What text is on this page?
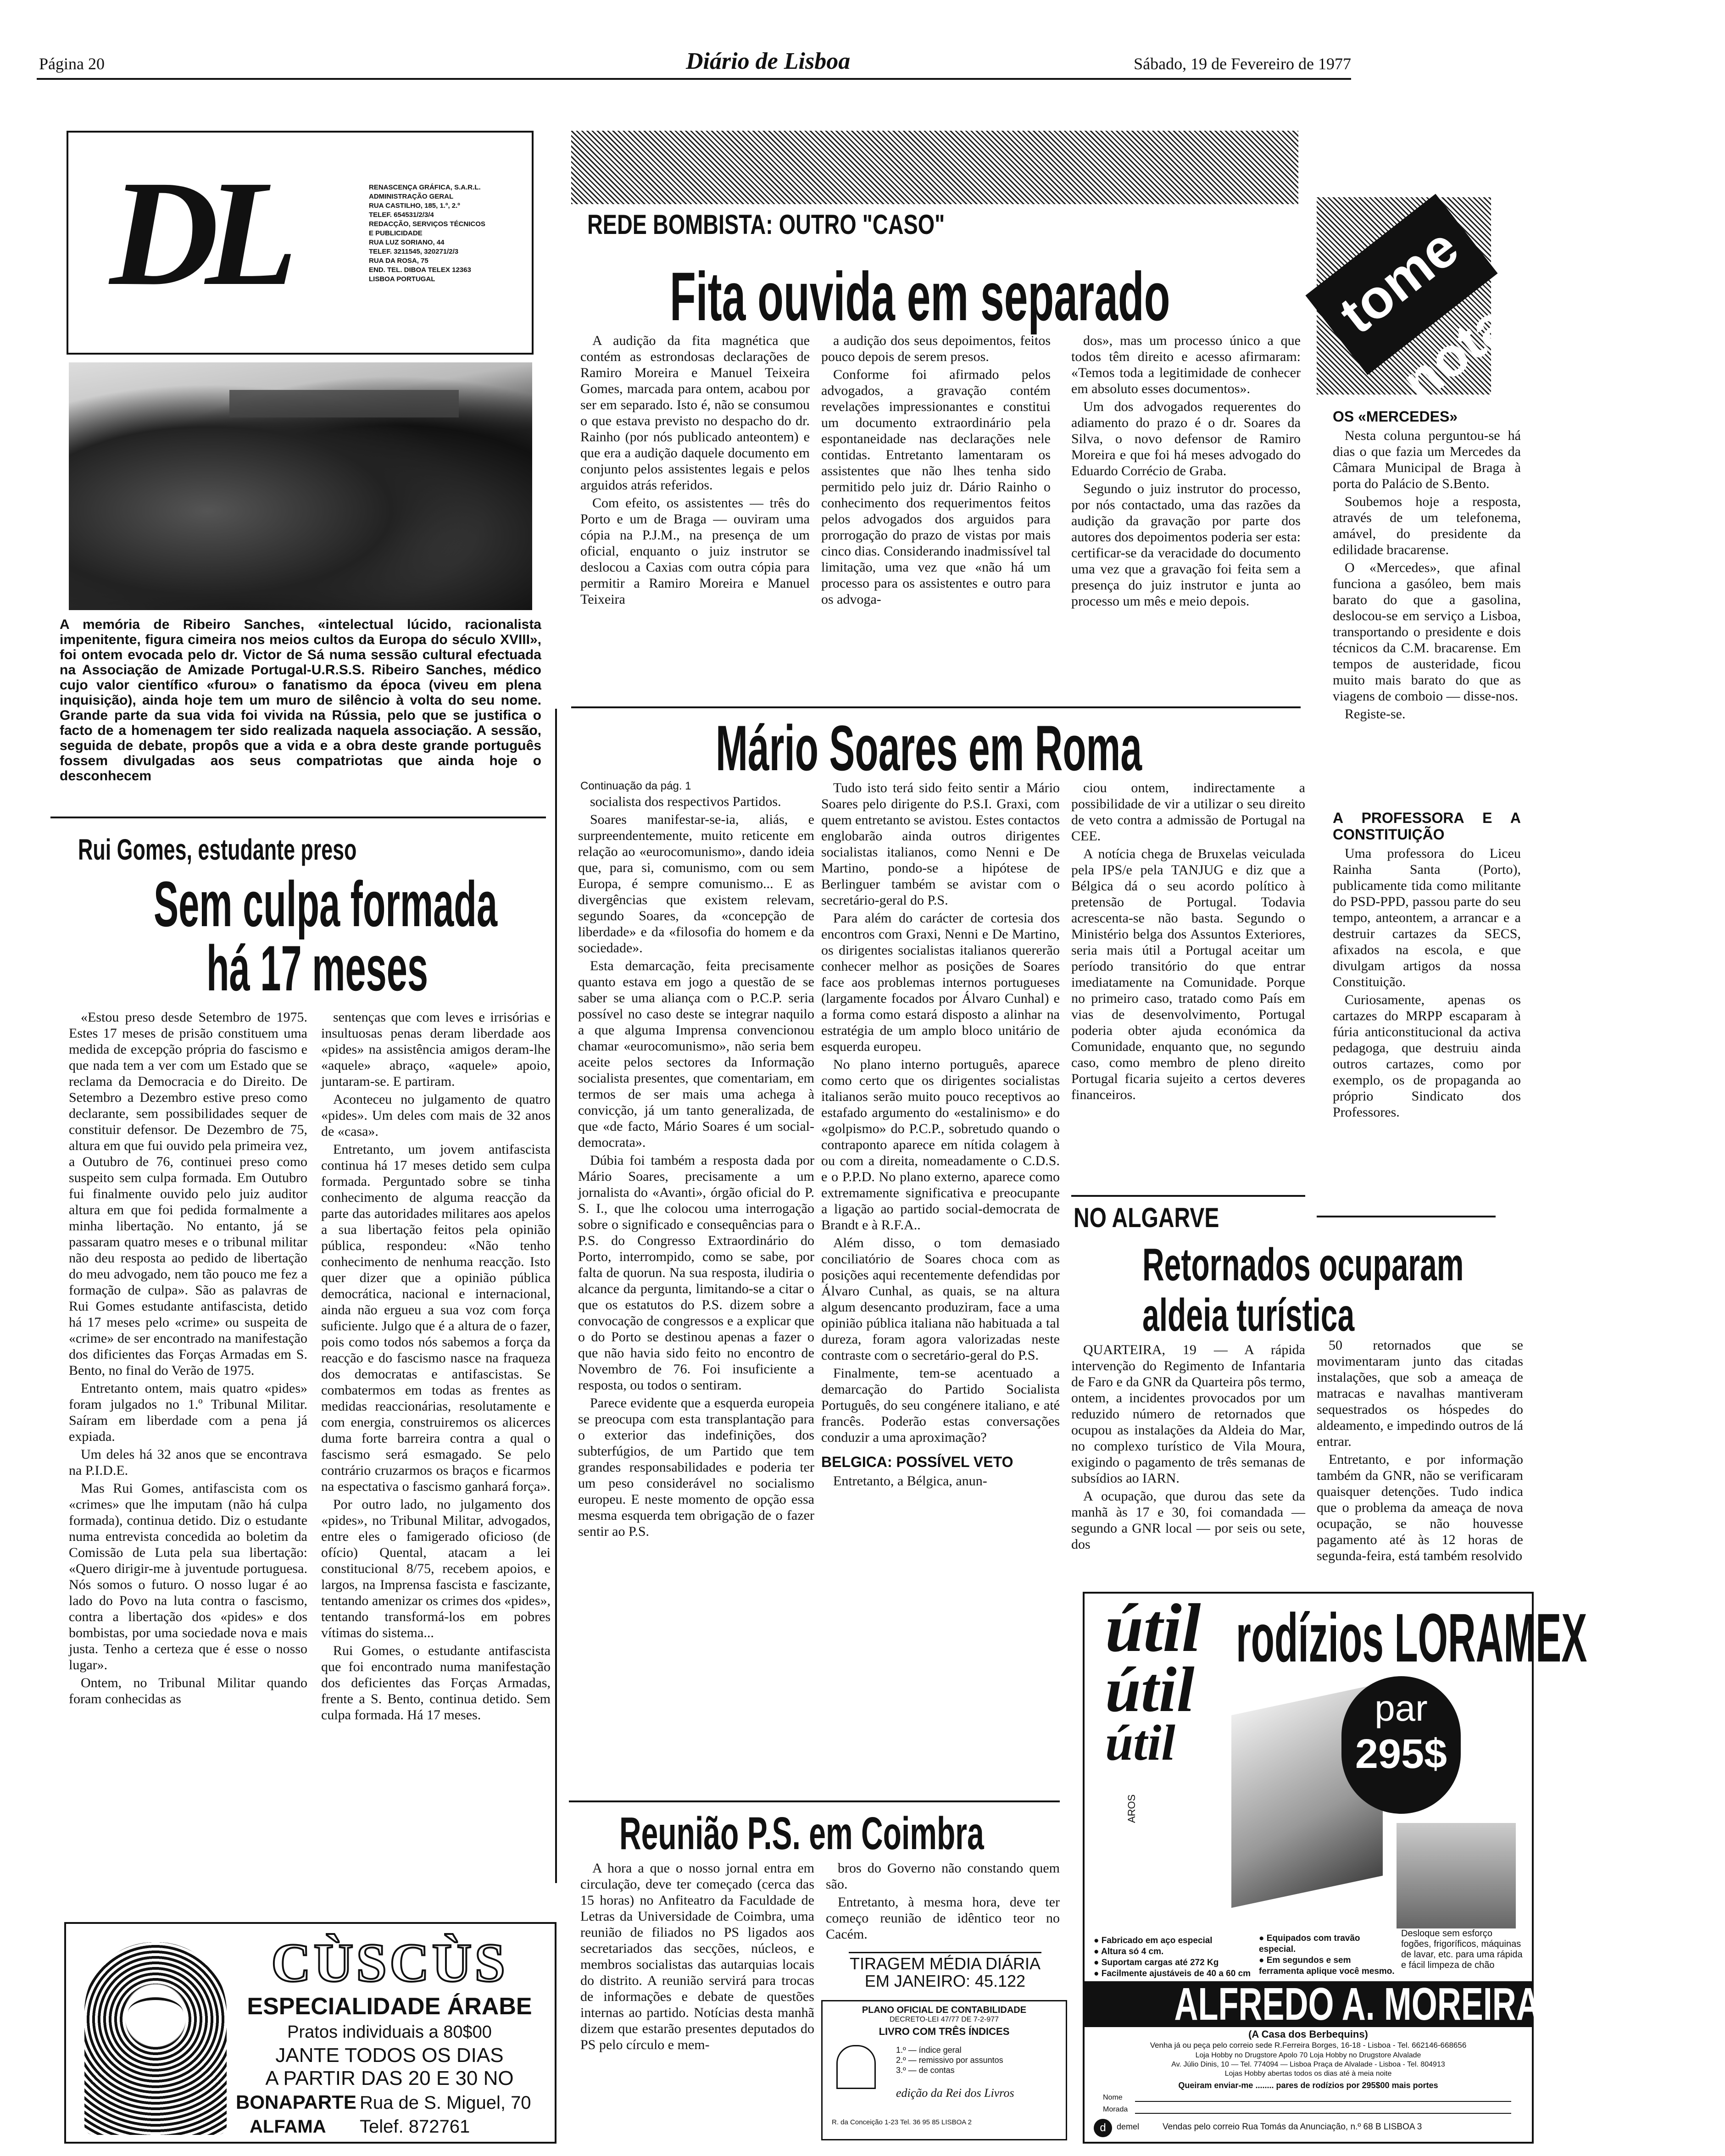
Página 20	Diário de Lisboa	Sábado, 19 de Fevereiro de 1977
DL	RENASCENÇA GRÁFICA, S.A.R.L.
ADMINISTRAÇÃO GERAL
RUA CASTILHO, 185, 1.º, 2.º
TELEF. 654531/2/3/4
REDACÇÃO, SERVIÇOS TÉCNICOS
E PUBLICIDADE
RUA LUZ SORIANO, 44
TELEF. 3211545, 320271/2/3
RUA DA ROSA, 75
END. TEL. DIBOA TELEX 12363
LISBOA PORTUGAL
A memória de Ribeiro Sanches, «intelectual lúcido, racionalista impenitente, figura cimeira nos meios cultos da Europa do século XVIII», foi ontem evocada pelo dr. Victor de Sá numa sessão cultural efectuada na Associação de Amizade Portugal-U.R.S.S. Ribeiro Sanches, médico cujo valor científico «furou» o fanatismo da época (viveu em plena inquisição), ainda hoje tem um muro de silêncio à volta do seu nome. Grande parte da sua vida foi vivida na Rússia, pelo que se justifica o facto de a homenagem ter sido realizada naquela associação. A sessão, seguida de debate, propôs que a vida e a obra deste grande português fossem divulgadas aos seus compatriotas que ainda hoje o desconhecem
REDE BOMBISTA: OUTRO "CASO"
Fita ouvida em separado

A audição da fita magnética que contém as estrondosas declarações de Ramiro Moreira e Manuel Teixeira Gomes, marcada para ontem, acabou por ser em separado. Isto é, não se consumou o que estava previsto no despacho do dr. Rainho (por nós publicado anteontem) e que era a audição daquele documento em conjunto pelos assistentes legais e pelos arguidos atrás referidos.

Com efeito, os assistentes — três do Porto e um de Braga — ouviram uma cópia na P.J.M., na presença de um oficial, enquanto o juiz instrutor se deslocou a Caxias com outra cópia para permitir a Ramiro Moreira e Manuel Teixeira

a audição dos seus depoimentos, feitos pouco depois de serem presos.

Conforme foi afirmado pelos advogados, a gravação contém revelações impressionantes e constitui um documento extraordinário pela espontaneidade nas declarações nele contidas. Entretanto lamentaram os assistentes que não lhes tenha sido permitido pelo juiz dr. Dário Rainho o conhecimento dos requerimentos feitos pelos advogados dos arguidos para prorrogação do prazo de vistas por mais cinco dias. Considerando inadmissível tal limitação, uma vez que «não há um processo para os assistentes e outro para os advoga-

dos», mas um processo único a que todos têm direito e acesso afirmaram: «Temos toda a legitimidade de conhecer em absoluto esses documentos».

Um dos advogados requerentes do adiamento do prazo é o dr. Soares da Silva, o novo defensor de Ramiro Moreira e que foi há meses advogado do Eduardo Corrécio de Graba.

Segundo o juiz instrutor do processo, por nós contactado, uma das razões da audição da gravação por parte dos autores dos depoimentos poderia ser esta: certificar-se da veracidade do documento uma vez que a gravação foi feita sem a presença do juiz instrutor e junta ao processo um mês e meio depois.

tome nota

OS «MERCEDES»

Nesta coluna perguntou-se há dias o que fazia um Mercedes da Câmara Municipal de Braga à porta do Palácio de S.Bento.

Soubemos hoje a resposta, através de um telefonema, amável, do presidente da edilidade bracarense.

O «Mercedes», que afinal funciona a gasóleo, bem mais barato do que a gasolina, deslocou-se em serviço a Lisboa, transportando o presidente e dois técnicos da C.M. bracarense. Em tempos de austeridade, ficou muito mais barato do que as viagens de comboio — disse-nos.

Registe-se.

A PROFESSORA E A CONSTITUIÇÃO

Uma professora do Liceu Rainha Santa (Porto), publicamente tida como militante do PSD-PPD, passou parte do seu tempo, anteontem, a arrancar e a destruir cartazes da SECS, afixados na escola, e que divulgam artigos da nossa Constituição.

Curiosamente, apenas os cartazes do MRPP escaparam à fúria anticonstitucional da activa pedagoga, que destruiu ainda outros cartazes, como por exemplo, os de propaganda ao próprio Sindicato dos Professores.

Rui Gomes, estudante preso
Sem culpa formada
há 17 meses

«Estou preso desde Setembro de 1975. Estes 17 meses de prisão constituem uma medida de excepção própria do fascismo e que nada tem a ver com um Estado que se reclama da Democracia e do Direito. De Setembro a Dezembro estive preso como declarante, sem possibilidades sequer de constituir defensor. De Dezembro de 75, altura em que fui ouvido pela primeira vez, a Outubro de 76, continuei preso como suspeito sem culpa formada. Em Outubro fui finalmente ouvido pelo juiz auditor altura em que foi pedida formalmente a minha libertação. No entanto, já se passaram quatro meses e o tribunal militar não deu resposta ao pedido de libertação do meu advogado, nem tão pouco me fez a formação de culpa». São as palavras de Rui Gomes estudante antifascista, detido há 17 meses pelo «crime» ou suspeita de «crime» de ser encontrado na manifestação dos dificientes das Forças Armadas em S. Bento, no final do Verão de 1975.

Entretanto ontem, mais quatro «pides» foram julgados no 1.º Tribunal Militar. Saíram em liberdade com a pena já expiada.

Um deles há 32 anos que se encontrava na P.I.D.E.

Mas Rui Gomes, antifascista com os «crimes» que lhe imputam (não há culpa formada), continua detido. Diz o estudante numa entrevista concedida ao boletim da Comissão de Luta pela sua libertação: «Quero dirigir-me à juventude portuguesa. Nós somos o futuro. O nosso lugar é ao lado do Povo na luta contra o fascismo, contra a libertação dos «pides» e dos bombistas, por uma sociedade nova e mais justa. Tenho a certeza que é esse o nosso lugar».

Ontem, no Tribunal Militar quando foram conhecidas as

sentenças que com leves e irrisórias e insultuosas penas deram liberdade aos «pides» na assistência amigos deram-lhe «aquele» abraço, «aquele» apoio, juntaram-se. E partiram.

Aconteceu no julgamento de quatro «pides». Um deles com mais de 32 anos de «casa».

Entretanto, um jovem antifascista continua há 17 meses detido sem culpa formada. Perguntado sobre se tinha conhecimento de alguma reacção da parte das autoridades militares aos apelos a sua libertação feitos pela opinião pública, respondeu: «Não tenho conhecimento de nenhuma reacção. Isto quer dizer que a opinião pública democrática, nacional e internacional, ainda não ergueu a sua voz com força suficiente. Julgo que é a altura de o fazer, pois como todos nós sabemos a força da reacção e do fascismo nasce na fraqueza dos democratas e antifascistas. Se combatermos em todas as frentes as medidas reaccionárias, resolutamente e com energia, construiremos os alicerces duma forte barreira contra a qual o fascismo será esmagado. Se pelo contrário cruzarmos os braços e ficarmos na espectativa o fascismo ganhará força».

Por outro lado, no julgamento dos «pides», no Tribunal Militar, advogados, entre eles o famigerado oficioso (de ofício) Quental, atacam a lei constitucional 8/75, recebem apoios, e largos, na Imprensa fascista e fascizante, tentando amenizar os crimes dos «pides», tentando transformá-los em pobres vítimas do sistema...

Rui Gomes, o estudante antifascista que foi encontrado numa manifestação dos deficientes das Forças Armadas, frente a S. Bento, continua detido. Sem culpa formada. Há 17 meses.

Mário Soares em Roma
Continuação da pág. 1

socialista dos respectivos Partidos.

Soares manifestar-se-ia, aliás, e surpreendentemente, muito reticente em relação ao «eurocomunismo», dando ideia que, para si, comunismo, com ou sem Europa, é sempre comunismo... E as divergências que existem relevam, segundo Soares, da «concepção de liberdade» e da «filosofia do homem e da sociedade».

Esta demarcação, feita precisamente quanto estava em jogo a questão de se saber se uma aliança com o P.C.P. seria possível no caso deste se integrar naquilo a que alguma Imprensa convencionou chamar «eurocomunismo», não seria bem aceite pelos sectores da Informação socialista presentes, que comentariam, em termos de ser mais uma achega à convicção, já um tanto generalizada, de que «de facto, Mário Soares é um social-democrata».

Dúbia foi também a resposta dada por Mário Soares, precisamente a um jornalista do «Avanti», órgão oficial do P. S. I., que lhe colocou uma interrogação sobre o significado e consequências para o P.S. do Congresso Extraordinário do Porto, interrompido, como se sabe, por falta de quorun. Na sua resposta, iludiria o alcance da pergunta, limitando-se a citar o que os estatutos do P.S. dizem sobre a convocação de congressos e a explicar que o do Porto se destinou apenas a fazer o que não havia sido feito no encontro de Novembro de 76. Foi insuficiente a resposta, ou todos o sentiram.

Parece evidente que a esquerda europeia se preocupa com esta transplantação para o exterior das indefinições, dos subterfúgios, de um Partido que tem grandes responsabilidades e poderia ter um peso considerável no socialismo europeu. E neste momento de opção essa mesma esquerda tem obrigação de o fazer sentir ao P.S.

Tudo isto terá sido feito sentir a Mário Soares pelo dirigente do P.S.I. Graxi, com quem entretanto se avistou. Estes contactos englobarão ainda outros dirigentes socialistas italianos, como Nenni e De Martino, pondo-se a hipótese de Berlinguer também se avistar com o secretário-geral do P.S.

Para além do carácter de cortesia dos encontros com Graxi, Nenni e De Martino, os dirigentes socialistas italianos quererão conhecer melhor as posições de Soares face aos problemas internos portugueses (largamente focados por Álvaro Cunhal) e a forma como estará disposto a alinhar na estratégia de um amplo bloco unitário de esquerda europeu.

No plano interno português, aparece como certo que os dirigentes socialistas italianos serão muito pouco receptivos ao estafado argumento do «estalinismo» e do «golpismo» do P.C.P., sobretudo quando o contraponto aparece em nítida colagem à ou com a direita, nomeadamente o C.D.S. e o P.P.D. No plano externo, aparece como extremamente significativa e preocupante a ligação ao partido social-democrata de Brandt e à R.F.A..

Além disso, o tom demasiado conciliatório de Soares choca com as posições aqui recentemente defendidas por Álvaro Cunhal, as quais, se na altura algum desencanto produziram, face a uma opinião pública italiana não habituada a tal dureza, foram agora valorizadas neste contraste com o secretário-geral do P.S.

Finalmente, tem-se acentuado a demarcação do Partido Socialista Português, do seu congénere italiano, e até francês. Poderão estas conversações conduzir a uma aproximação?

BELGICA: POSSÍVEL VETO

Entretanto, a Bélgica, anun-

ciou ontem, indirectamente a possibilidade de vir a utilizar o seu direito de veto contra a admissão de Portugal na CEE.

A notícia chega de Bruxelas veiculada pela IPS/e pela TANJUG e diz que a Bélgica dá o seu acordo político à pretensão de Portugal. Todavia acrescenta-se não basta. Segundo o Ministério belga dos Assuntos Exteriores, seria mais útil a Portugal aceitar um período transitório do que entrar imediatamente na Comunidade. Porque no primeiro caso, tratado como País em vias de desenvolvimento, Portugal poderia obter ajuda económica da Comunidade, enquanto que, no segundo caso, como membro de pleno direito Portugal ficaria sujeito a certos deveres financeiros.

NO ALGARVE
Retornados ocuparam
aldeia turística

QUARTEIRA, 19 — A rápida intervenção do Regimento de Infantaria de Faro e da GNR da Quarteira pôs termo, ontem, a incidentes provocados por um reduzido número de retornados que ocupou as instalações da Aldeia do Mar, no complexo turístico de Vila Moura, exigindo o pagamento de três semanas de subsídios ao IARN.

A ocupação, que durou das sete da manhã às 17 e 30, foi comandada — segundo a GNR local — por seis ou sete, dos

50 retornados que se movimentaram junto das citadas instalações, que sob a ameaça de matracas e navalhas mantiveram sequestrados os hóspedes do aldeamento, e impedindo outros de lá entrar.

Entretanto, e por informação também da GNR, não se verificaram quaisquer detenções. Tudo indica que o problema da ameaça de nova ocupação, se não houvesse pagamento até às 12 horas de segunda-feira, está também resolvido

Reunião P.S. em Coimbra

A hora a que o nosso jornal entra em circulação, deve ter começado (cerca das 15 horas) no Anfiteatro da Faculdade de Letras da Universidade de Coimbra, uma reunião de filiados no PS ligados aos secretariados das secções, núcleos, e membros socialistas das autarquias locais do distrito. A reunião servirá para trocas de informações e debate de questões internas ao partido. Notícias desta manhã dizem que estarão presentes deputados do PS pelo círculo e mem-

bros do Governo não constando quem são.

Entretanto, à mesma hora, deve ter começo reunião de idêntico teor no Cacém.

TIRAGEM MÉDIA DIÁRIA
EM JANEIRO: 45.122
PLANO OFICIAL DE CONTABILIDADE
DECRETO-LEI 47/77 DE 7-2-977
LIVRO COM TRÊS ÍNDICES
1.º — índice geral
2.º — remissivo por assuntos
3.º — de contas
edição da Rei dos Livros
R. da Conceição 1-23 Tel. 36 95 85 LISBOA 2
CÙSCÙS
ESPECIALIDADE ÁRABE
Pratos individuais a 80$00
JANTE TODOS OS DIAS
A PARTIR DAS 20 E 30 NO
BONAPARTE Rua de S. Miguel, 70
ALFAMA Telef. 872761
útil
útil
útil
rodízios LORAMEX
AROS
par
295$
Desloque sem esforço fogões, frigoríficos, máquinas de lavar, etc. para uma rápida e fácil limpeza de chão
● Fabricado em aço especial
● Altura só 4 cm.
● Suportam cargas até 272 Kg
● Facilmente ajustáveis de 40 a 60 cm
● Equipados com travão especial.
● Em segundos e sem ferramenta aplique você mesmo.
ALFREDO A. MOREIRA, LDA.
(A Casa dos Berbequins)
Venha já ou peça pelo correio sede R.Ferreira Borges, 16-18 - Lisboa - Tel. 662146-668656
Loja Hobby no Drugstore Apolo 70 Loja Hobby no Drugstore Alvalade
Av. Júlio Dinis, 10 — Tel. 774094 — Lisboa Praça de Alvalade - Lisboa - Tel. 804913
Lojas Hobby abertas todos os dias até à meia noite
Queiram enviar-me ........ pares de rodízios por 295$00 mais portes
Nome
Morada
d	demel	Vendas pelo correio Rua Tomás da Anunciação, n.º 68 B LISBOA 3
